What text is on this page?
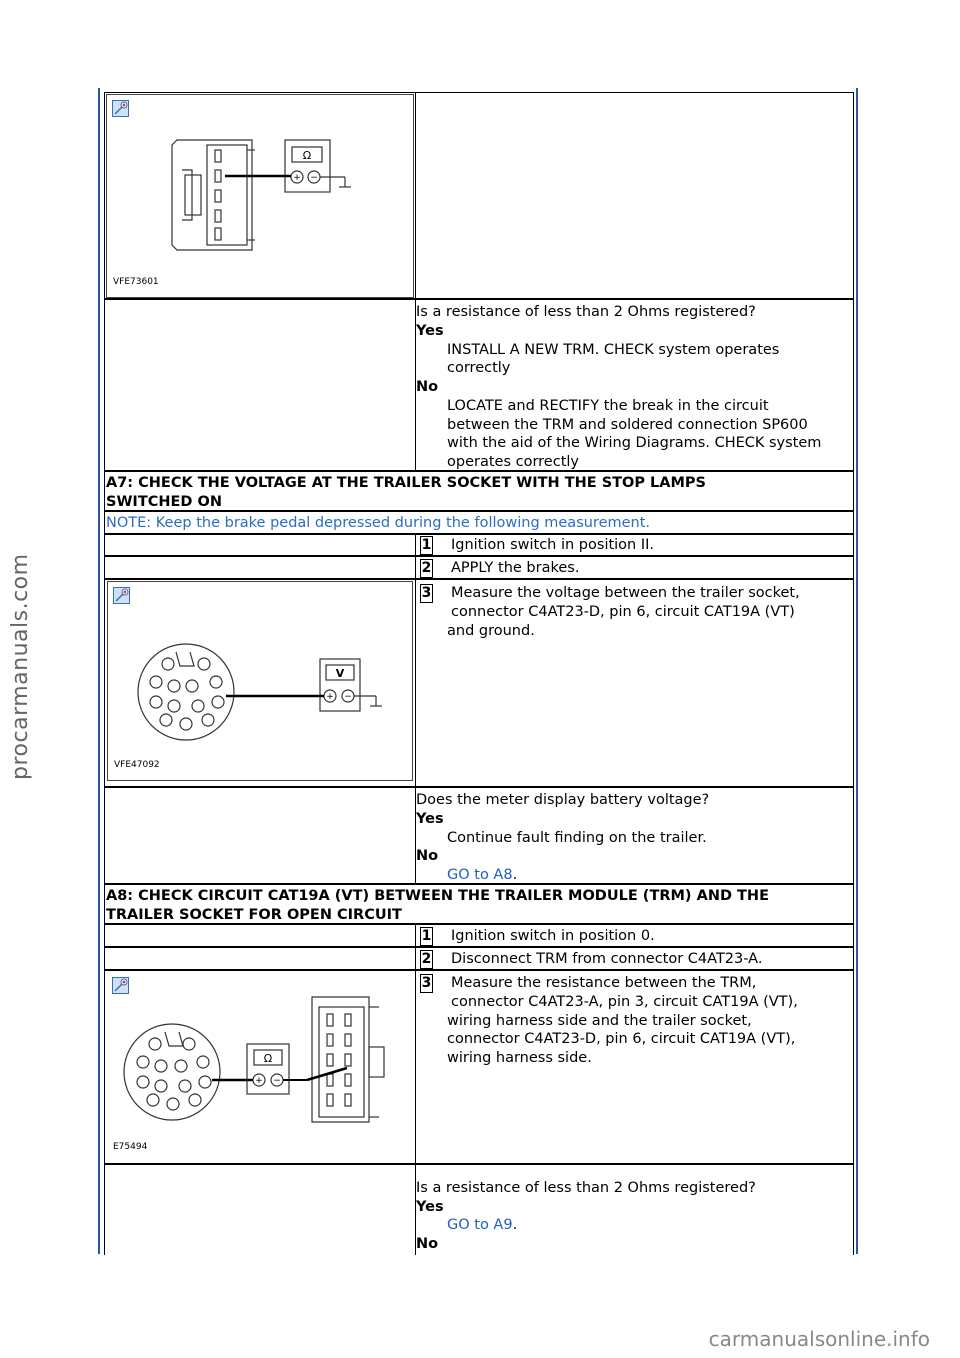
procarmanuals.com
carmanualsonline.info
Ω
+ −
VFE73601
Is a resistance of less than 2 Ohms registered?
Yes
INSTALL A NEW TRM. CHECK system operates
correctly
No
LOCATE and RECTIFY the break in the circuit
between the TRM and soldered connection SP600
with the aid of the Wiring Diagrams. CHECK system
operates correctly
A7: CHECK THE VOLTAGE AT THE TRAILER SOCKET WITH THE STOP LAMPS
SWITCHED ON
NOTE: Keep the brake pedal depressed during the following measurement.
1 Ignition switch in position II.
2 APPLY the brakes.
V
+ −
VFE47092
3 Measure the voltage between the trailer socket,
connector C4AT23-D, pin 6, circuit CAT19A (VT)
and ground.
Does the meter display battery voltage?
Yes
Continue fault finding on the trailer.
No
GO to A8.
A8: CHECK CIRCUIT CAT19A (VT) BETWEEN THE TRAILER MODULE (TRM) AND THE
TRAILER SOCKET FOR OPEN CIRCUIT
1 Ignition switch in position 0.
2 Disconnect TRM from connector C4AT23-A.
Ω
+ −
E75494
3 Measure the resistance between the TRM,
connector C4AT23-A, pin 3, circuit CAT19A (VT),
wiring harness side and the trailer socket,
connector C4AT23-D, pin 6, circuit CAT19A (VT),
wiring harness side.
Is a resistance of less than 2 Ohms registered?
Yes
GO to A9.
No
